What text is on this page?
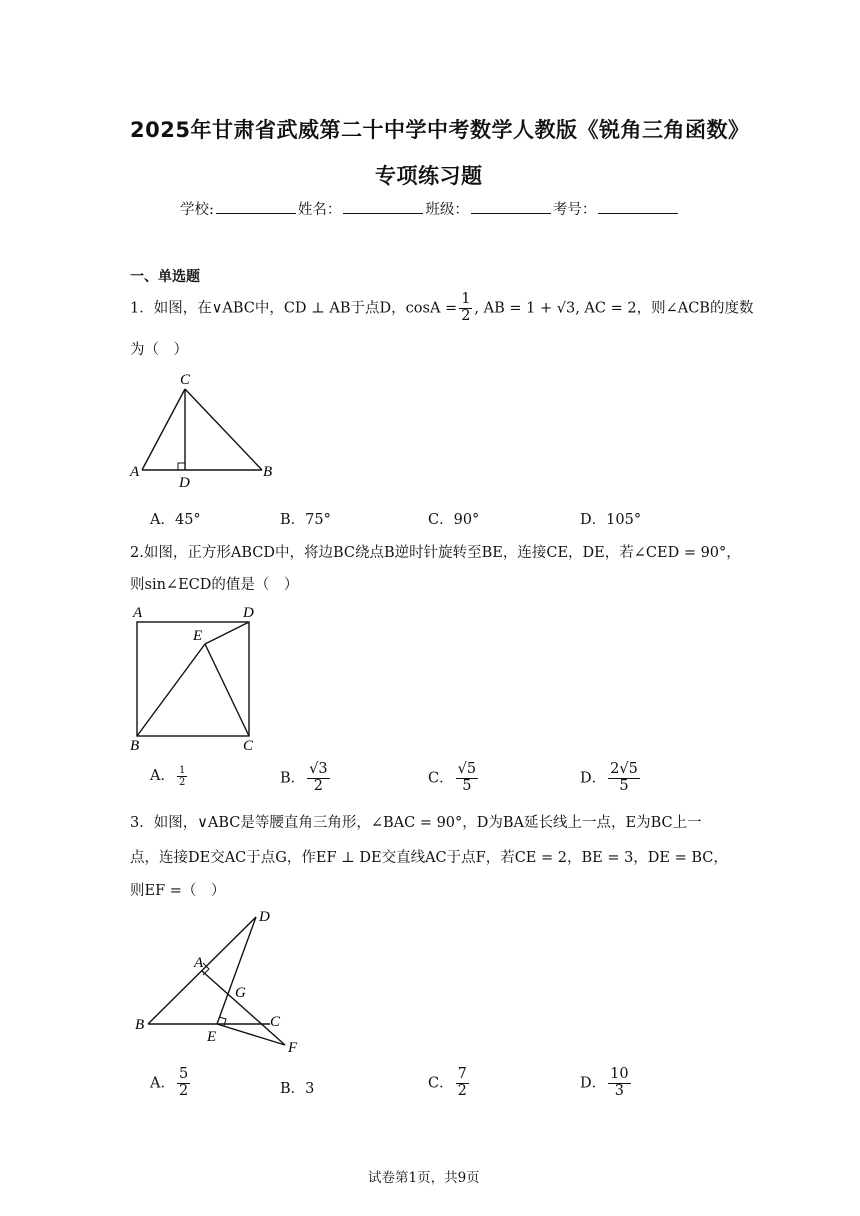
2025年甘肃省武威第二十中学中考数学人教版《锐角三角函数》
专项练习题
学校:	姓名：	班级：	考号：
一、单选题
1．如图，在∨ABC中，CD ⊥ AB于点D，$\cos A = \frac{1}{2}$ , AB = 1 + √3, AC = 2，则∠ACB的度数
为（　）
C
A	B
D
A．45°	B．75°	C．90°	D．105°
2.如图，正方形ABCD中，将边BC绕点B逆时针旋转至BE，连接CE，DE，若∠CED = 90°，
则sin∠ECD的值是（　）
A	D
E
B	C
A． $\frac{1}{2}$	B． $\frac{√3}{2}$	C． $\frac{√5}{5}$	D． $\frac{2√5}{5}$
3．如图，∨ABC是等腰直角三角形，∠BAC = 90°，D为BA延长线上一点，E为BC上一
点，连接DE交AC于点G，作EF ⊥ DE交直线AC于点F，若CE = 2，BE = 3，DE = BC，
则EF =（　）
D
A
G
B	C
E
F
A． $\frac{5}{2}$	B．3	C． $\frac{7}{2}$	D． $\frac{10}{3}$
试卷第1页，共9页
